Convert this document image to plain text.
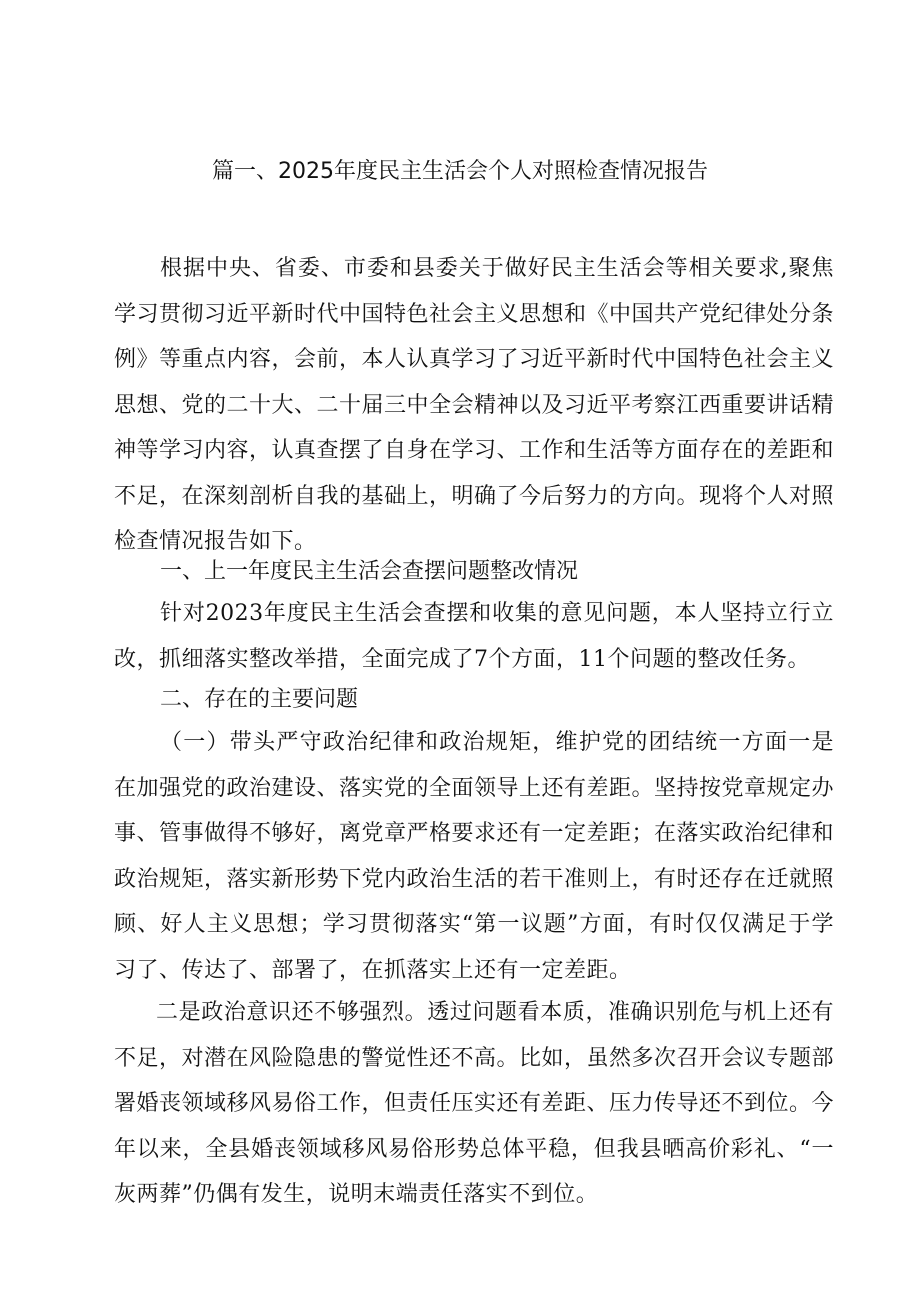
篇一、2025年度民主生活会个人对照检查情况报告

根据中央、省委、市委和县委关于做好民主生活会等相关要求,聚焦学习贯彻习近平新时代中国特色社会主义思想和《中国共产党纪律处分条例》等重点内容，会前，本人认真学习了习近平新时代中国特色社会主义思想、党的二十大、二十届三中全会精神以及习近平考察江西重要讲话精神等学习内容，认真查摆了自身在学习、工作和生活等方面存在的差距和不足，在深刻剖析自我的基础上，明确了今后努力的方向。现将个人对照检查情况报告如下。

一、上一年度民主生活会查摆问题整改情况

针对2023年度民主生活会查摆和收集的意见问题，本人坚持立行立改，抓细落实整改举措，全面完成了7个方面，11个问题的整改任务。

二、存在的主要问题

（一）带头严守政治纪律和政治规矩，维护党的团结统一方面一是在加强党的政治建设、落实党的全面领导上还有差距。坚持按党章规定办事、管事做得不够好，离党章严格要求还有一定差距；在落实政治纪律和政治规矩，落实新形势下党内政治生活的若干准则上，有时还存在迁就照顾、好人主义思想；学习贯彻落实“第一议题”方面，有时仅仅满足于学习了、传达了、部署了，在抓落实上还有一定差距。

二是政治意识还不够强烈。透过问题看本质，准确识别危与机上还有不足，对潜在风险隐患的警觉性还不高。比如，虽然多次召开会议专题部署婚丧领域移风易俗工作，但责任压实还有差距、压力传导还不到位。今年以来，全县婚丧领域移风易俗形势总体平稳，但我县晒高价彩礼、“一灰两葬”仍偶有发生，说明末端责任落实不到位。
